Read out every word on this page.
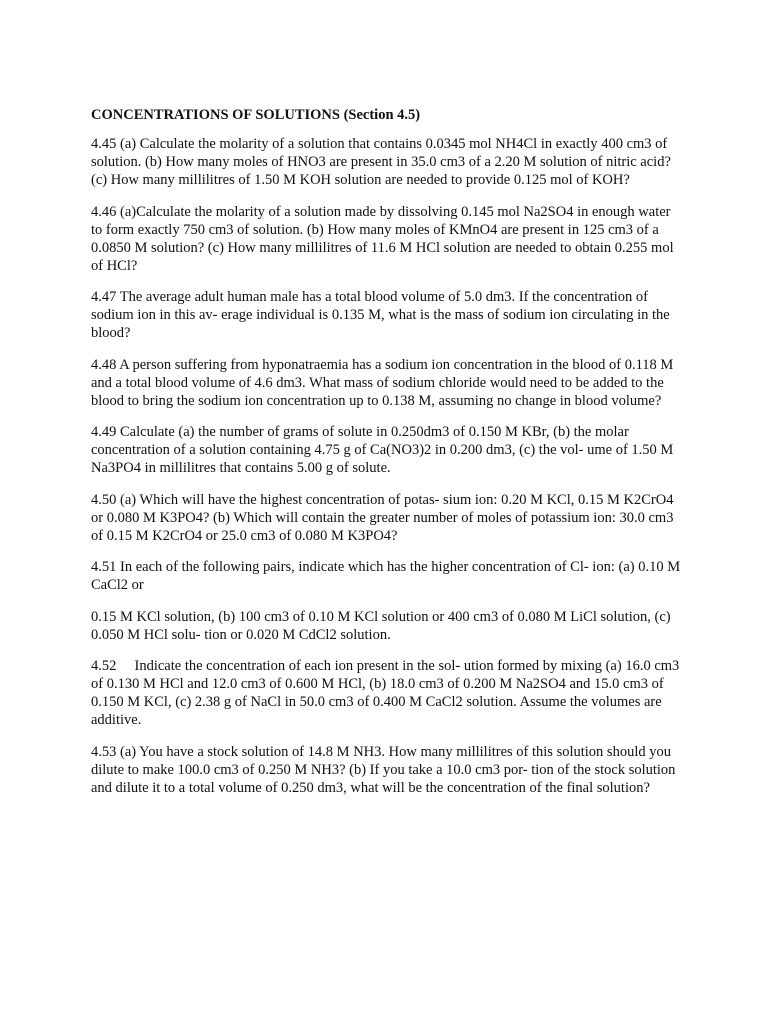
CONCENTRATIONS OF SOLUTIONS (Section 4.5)

4.45 (a) Calculate the molarity of a solution that contains 0.0345 mol NH4Cl in exactly 400 cm3 of solution. (b) How many moles of HNO3 are present in 35.0 cm3 of a 2.20 M solution of nitric acid? (c) How many millilitres of 1.50 M KOH solution are needed to provide 0.125 mol of KOH?

4.46 (a)Calculate the molarity of a solution made by dissolving 0.145 mol Na2SO4 in enough water to form exactly 750 cm3 of solution. (b) How many moles of KMnO4 are present in 125 cm3 of a 0.0850 M solution? (c) How many millilitres of 11.6 M HCl solution are needed to obtain 0.255 mol of HCl?

4.47 The average adult human male has a total blood volume of 5.0 dm3. If the concentration of sodium ion in this av- erage individual is 0.135 M, what is the mass of sodium ion circulating in the blood?

4.48 A person suffering from hyponatraemia has a sodium ion concentration in the blood of 0.118 M and a total blood volume of 4.6 dm3. What mass of sodium chloride would need to be added to the blood to bring the sodium ion concentration up to 0.138 M, assuming no change in blood volume?

4.49 Calculate (a) the number of grams of solute in 0.250dm3 of 0.150 M KBr, (b) the molar concentration of a solution containing 4.75 g of Ca(NO3)2 in 0.200 dm3, (c) the vol- ume of 1.50 M Na3PO4 in millilitres that contains 5.00 g of solute.

4.50 (a) Which will have the highest concentration of potas- sium ion: 0.20 M KCl, 0.15 M K2CrO4 or 0.080 M K3PO4? (b) Which will contain the greater number of moles of potassium ion: 30.0 cm3 of 0.15 M K2CrO4 or 25.0 cm3 of 0.080 M K3PO4?

4.51 In each of the following pairs, indicate which has the higher concentration of Cl- ion: (a) 0.10 M CaCl2 or

0.15 M KCl solution, (b) 100 cm3 of 0.10 M KCl solution or 400 cm3 of 0.080 M LiCl solution, (c) 0.050 M HCl solu- tion or 0.020 M CdCl2 solution.

4.52     Indicate the concentration of each ion present in the sol- ution formed by mixing (a) 16.0 cm3 of 0.130 M HCl and 12.0 cm3 of 0.600 M HCl, (b) 18.0 cm3 of 0.200 M Na2SO4 and 15.0 cm3 of 0.150 M KCl, (c) 2.38 g of NaCl in 50.0 cm3 of 0.400 M CaCl2 solution. Assume the volumes are additive.

4.53 (a) You have a stock solution of 14.8 M NH3. How many millilitres of this solution should you dilute to make 100.0 cm3 of 0.250 M NH3? (b) If you take a 10.0 cm3 por- tion of the stock solution and dilute it to a total volume of 0.250 dm3, what will be the concentration of the final solution?
